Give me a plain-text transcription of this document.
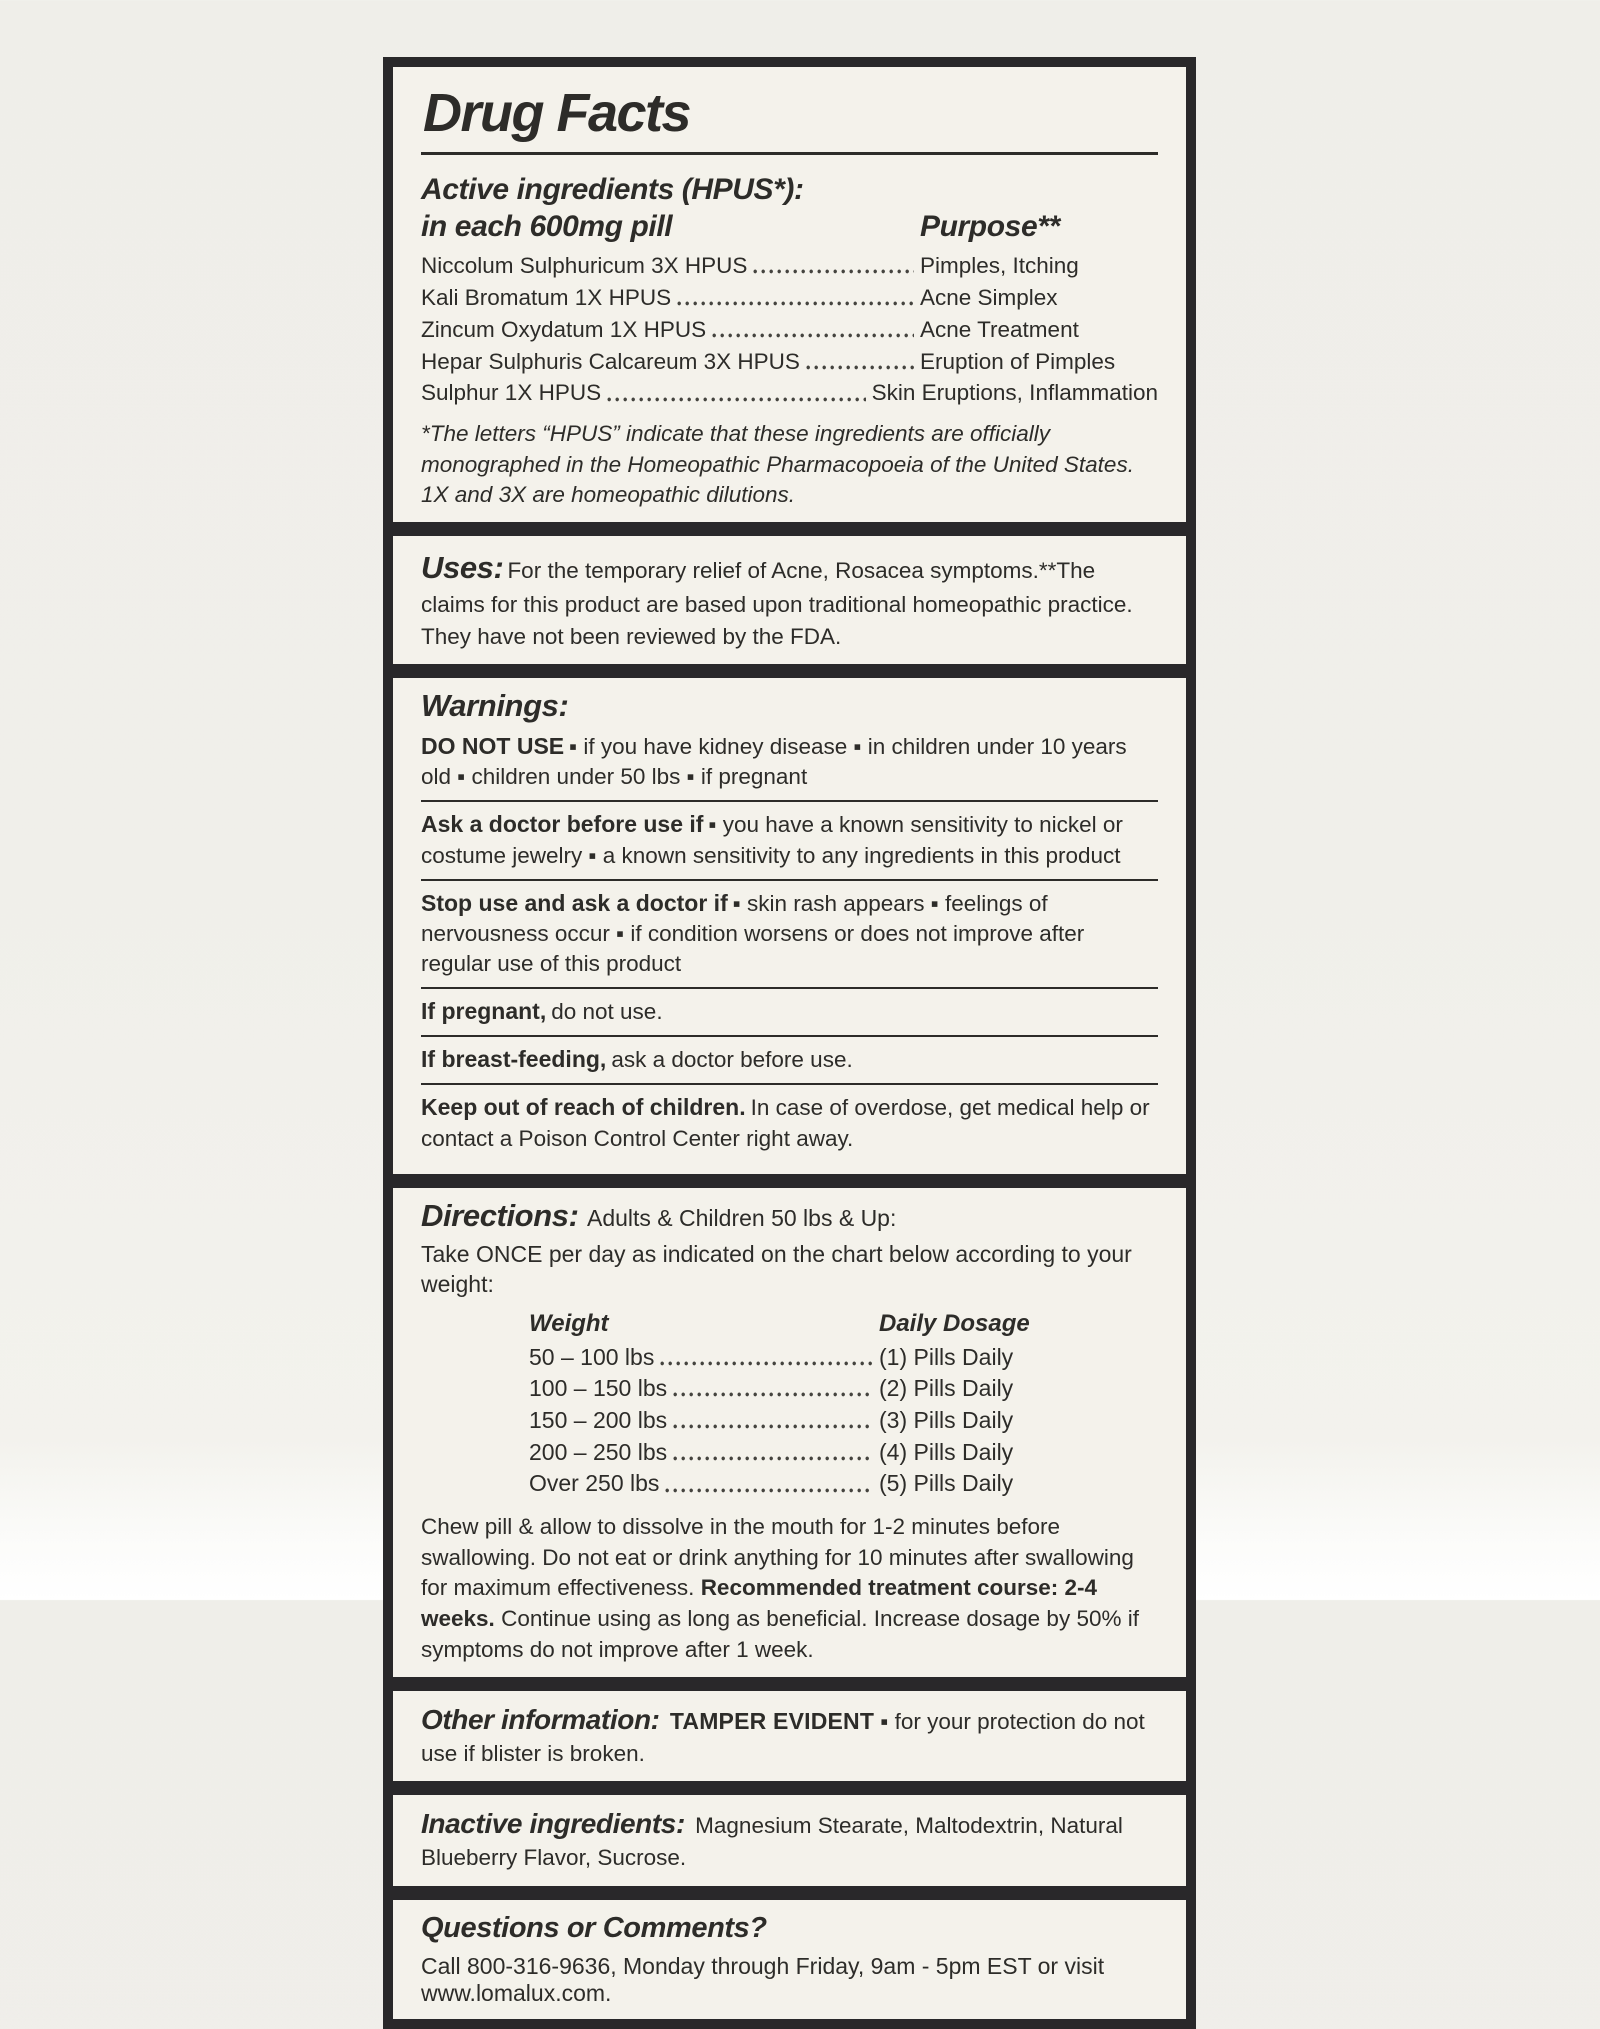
Drug Facts
Active ingredients (HPUS*):
in each 600mg pill	Purpose**
Niccolum Sulphuricum 3X HPUS	Pimples, Itching
Kali Bromatum 1X HPUS	Acne Simplex
Zincum Oxydatum 1X HPUS	Acne Treatment
Hepar Sulphuris Calcareum 3X HPUS	Eruption of Pimples
Sulphur 1X HPUS	Skin Eruptions, Inflammation
*The letters “HPUS” indicate that these ingredients are officially monographed in the Homeopathic Pharmacopoeia of the United States. 1X and 3X are homeopathic dilutions.
Uses: For the temporary relief of Acne, Rosacea symptoms.**The claims for this product are based upon traditional homeopathic practice. They have not been reviewed by the FDA.
Warnings:
DO NOT USE ▪ if you have kidney disease ▪ in children under 10 years old ▪ children under 50 lbs ▪ if pregnant
Ask a doctor before use if ▪ you have a known sensitivity to nickel or costume jewelry ▪ a known sensitivity to any ingredients in this product
Stop use and ask a doctor if ▪ skin rash appears ▪ feelings of nervousness occur ▪ if condition worsens or does not improve after regular use of this product
If pregnant, do not use.
If breast-feeding, ask a doctor before use.
Keep out of reach of children. In case of overdose, get medical help or contact a Poison Control Center right away.
Directions: Adults & Children 50 lbs & Up:
Take ONCE per day as indicated on the chart below according to your weight:
Weight	Daily Dosage
50 – 100 lbs	(1) Pills Daily
100 – 150 lbs	(2) Pills Daily
150 – 200 lbs	(3) Pills Daily
200 – 250 lbs	(4) Pills Daily
Over 250 lbs	(5) Pills Daily
Chew pill & allow to dissolve in the mouth for 1-2 minutes before swallowing. Do not eat or drink anything for 10 minutes after swallowing for maximum effectiveness. Recommended treatment course: 2-4 weeks. Continue using as long as beneficial. Increase dosage by 50% if symptoms do not improve after 1 week.
Other information: TAMPER EVIDENT ▪ for your protection do not use if blister is broken.
Inactive ingredients: Magnesium Stearate, Maltodextrin, Natural Blueberry Flavor, Sucrose.
Questions or Comments?
Call 800-316-9636, Monday through Friday, 9am - 5pm EST or visit www.lomalux.com.
